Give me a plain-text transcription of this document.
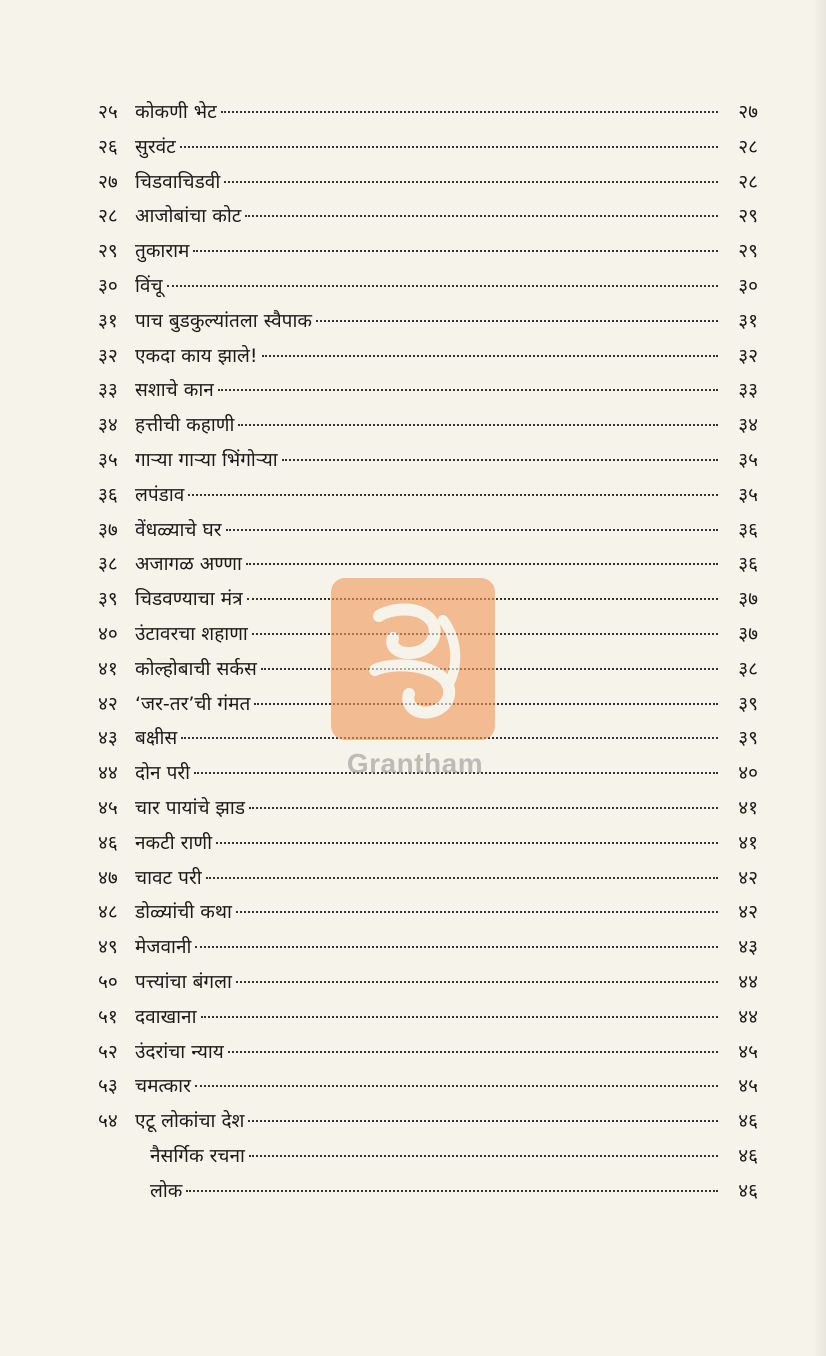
२५ कोकणी भेट	२७
२६ सुरवंट	२८
२७ चिडवाचिडवी	२८
२८ आजोबांचा कोट	२९
२९ तुकाराम	२९
३० विंचू	३०
३१ पाच बुडकुल्यांतला स्वैपाक	३१
३२ एकदा काय झाले!	३२
३३ सशाचे कान	३३
३४ हत्तीची कहाणी	३४
३५ गाऱ्या गाऱ्या भिंगोऱ्या	३५
३६ लपंडाव	३५
३७ वेंधळ्याचे घर	३६
३८ अजागळ अण्णा	३६
३९ चिडवण्याचा मंत्र	३७
४० उंटावरचा शहाणा	३७
४१ कोल्होबाची सर्कस	३८
४२ ‘जर-तर’ची गंमत	३९
४३ बक्षीस	३९
४४ दोन परी	४०
४५ चार पायांचे झाड	४१
४६ नकटी राणी	४१
४७ चावट परी	४२
४८ डोळ्यांची कथा	४२
४९ मेजवानी	४३
५० पत्त्यांचा बंगला	४४
५१ दवाखाना	४४
५२ उंदरांचा न्याय	४५
५३ चमत्कार	४५
५४ एटू लोकांचा देश	४६
नैसर्गिक रचना	४६
लोक	४६
Grantham
